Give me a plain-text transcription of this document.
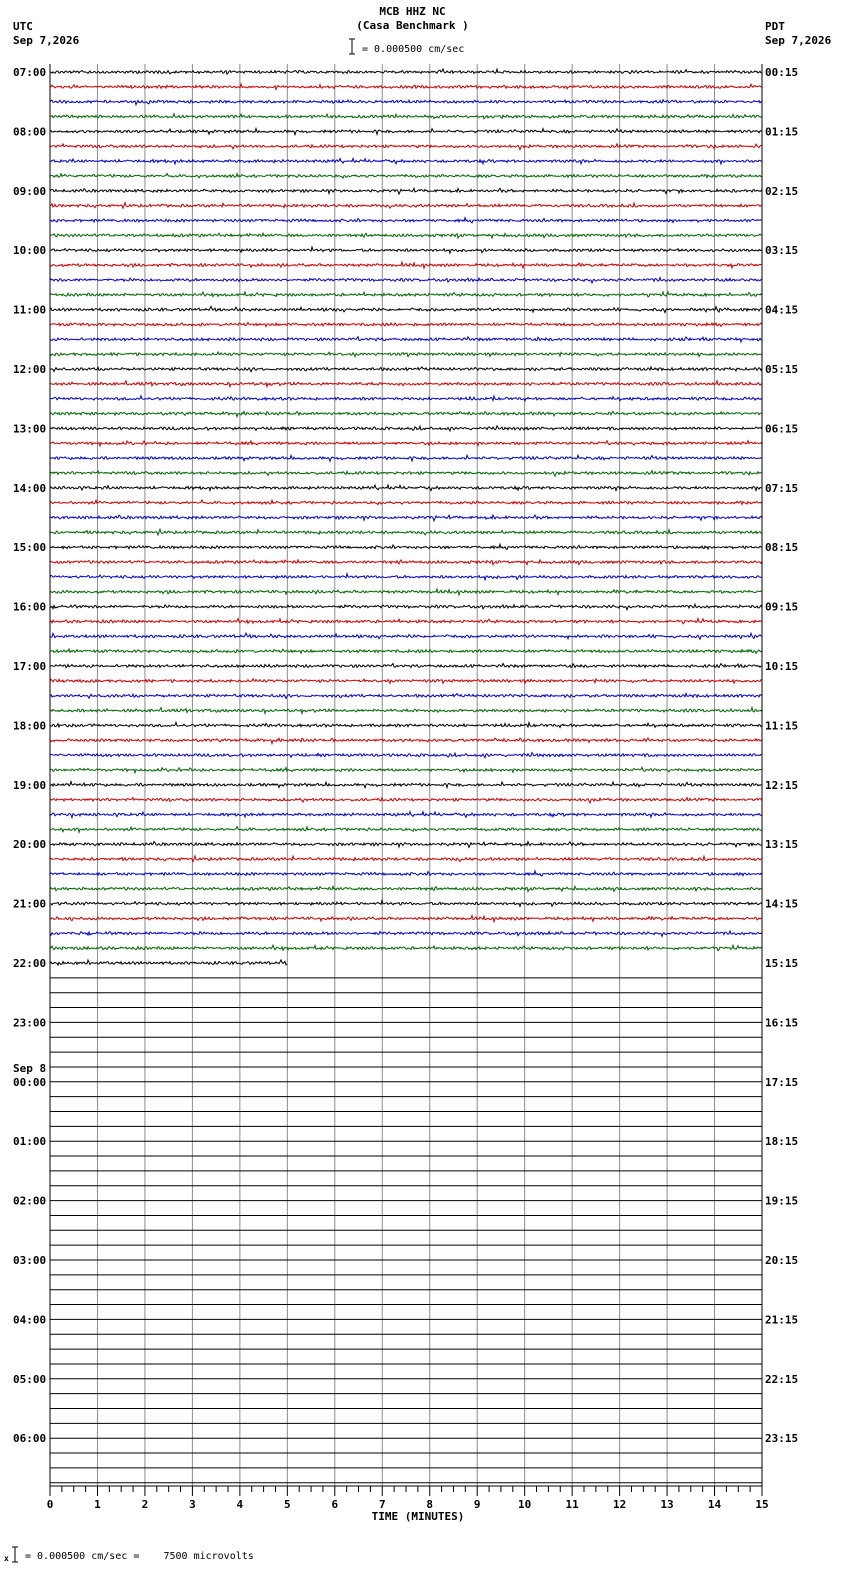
MCB HHZ NC
(Casa Benchmark )
UTC
Sep 7,2026
PDT
Sep 7,2026
= 0.000500 cm/sec
0	1	2	3	4	5	6	7	8	9	10	11	12	13	14	15
TIME (MINUTES)
07:00
08:00
09:00
10:00
11:00
12:00
13:00
14:00
15:00
16:00
17:00
18:00
19:00
20:00
21:00
22:00
23:00
00:00
Sep 8
01:00
02:00
03:00
04:00
05:00
06:00
00:15
01:15
02:15
03:15
04:15
05:15
06:15
07:15
08:15
09:15
10:15
11:15
12:15
13:15
14:15
15:15
16:15
17:15
18:15
19:15
20:15
21:15
22:15
23:15
x = 0.000500 cm/sec =    7500 microvolts
